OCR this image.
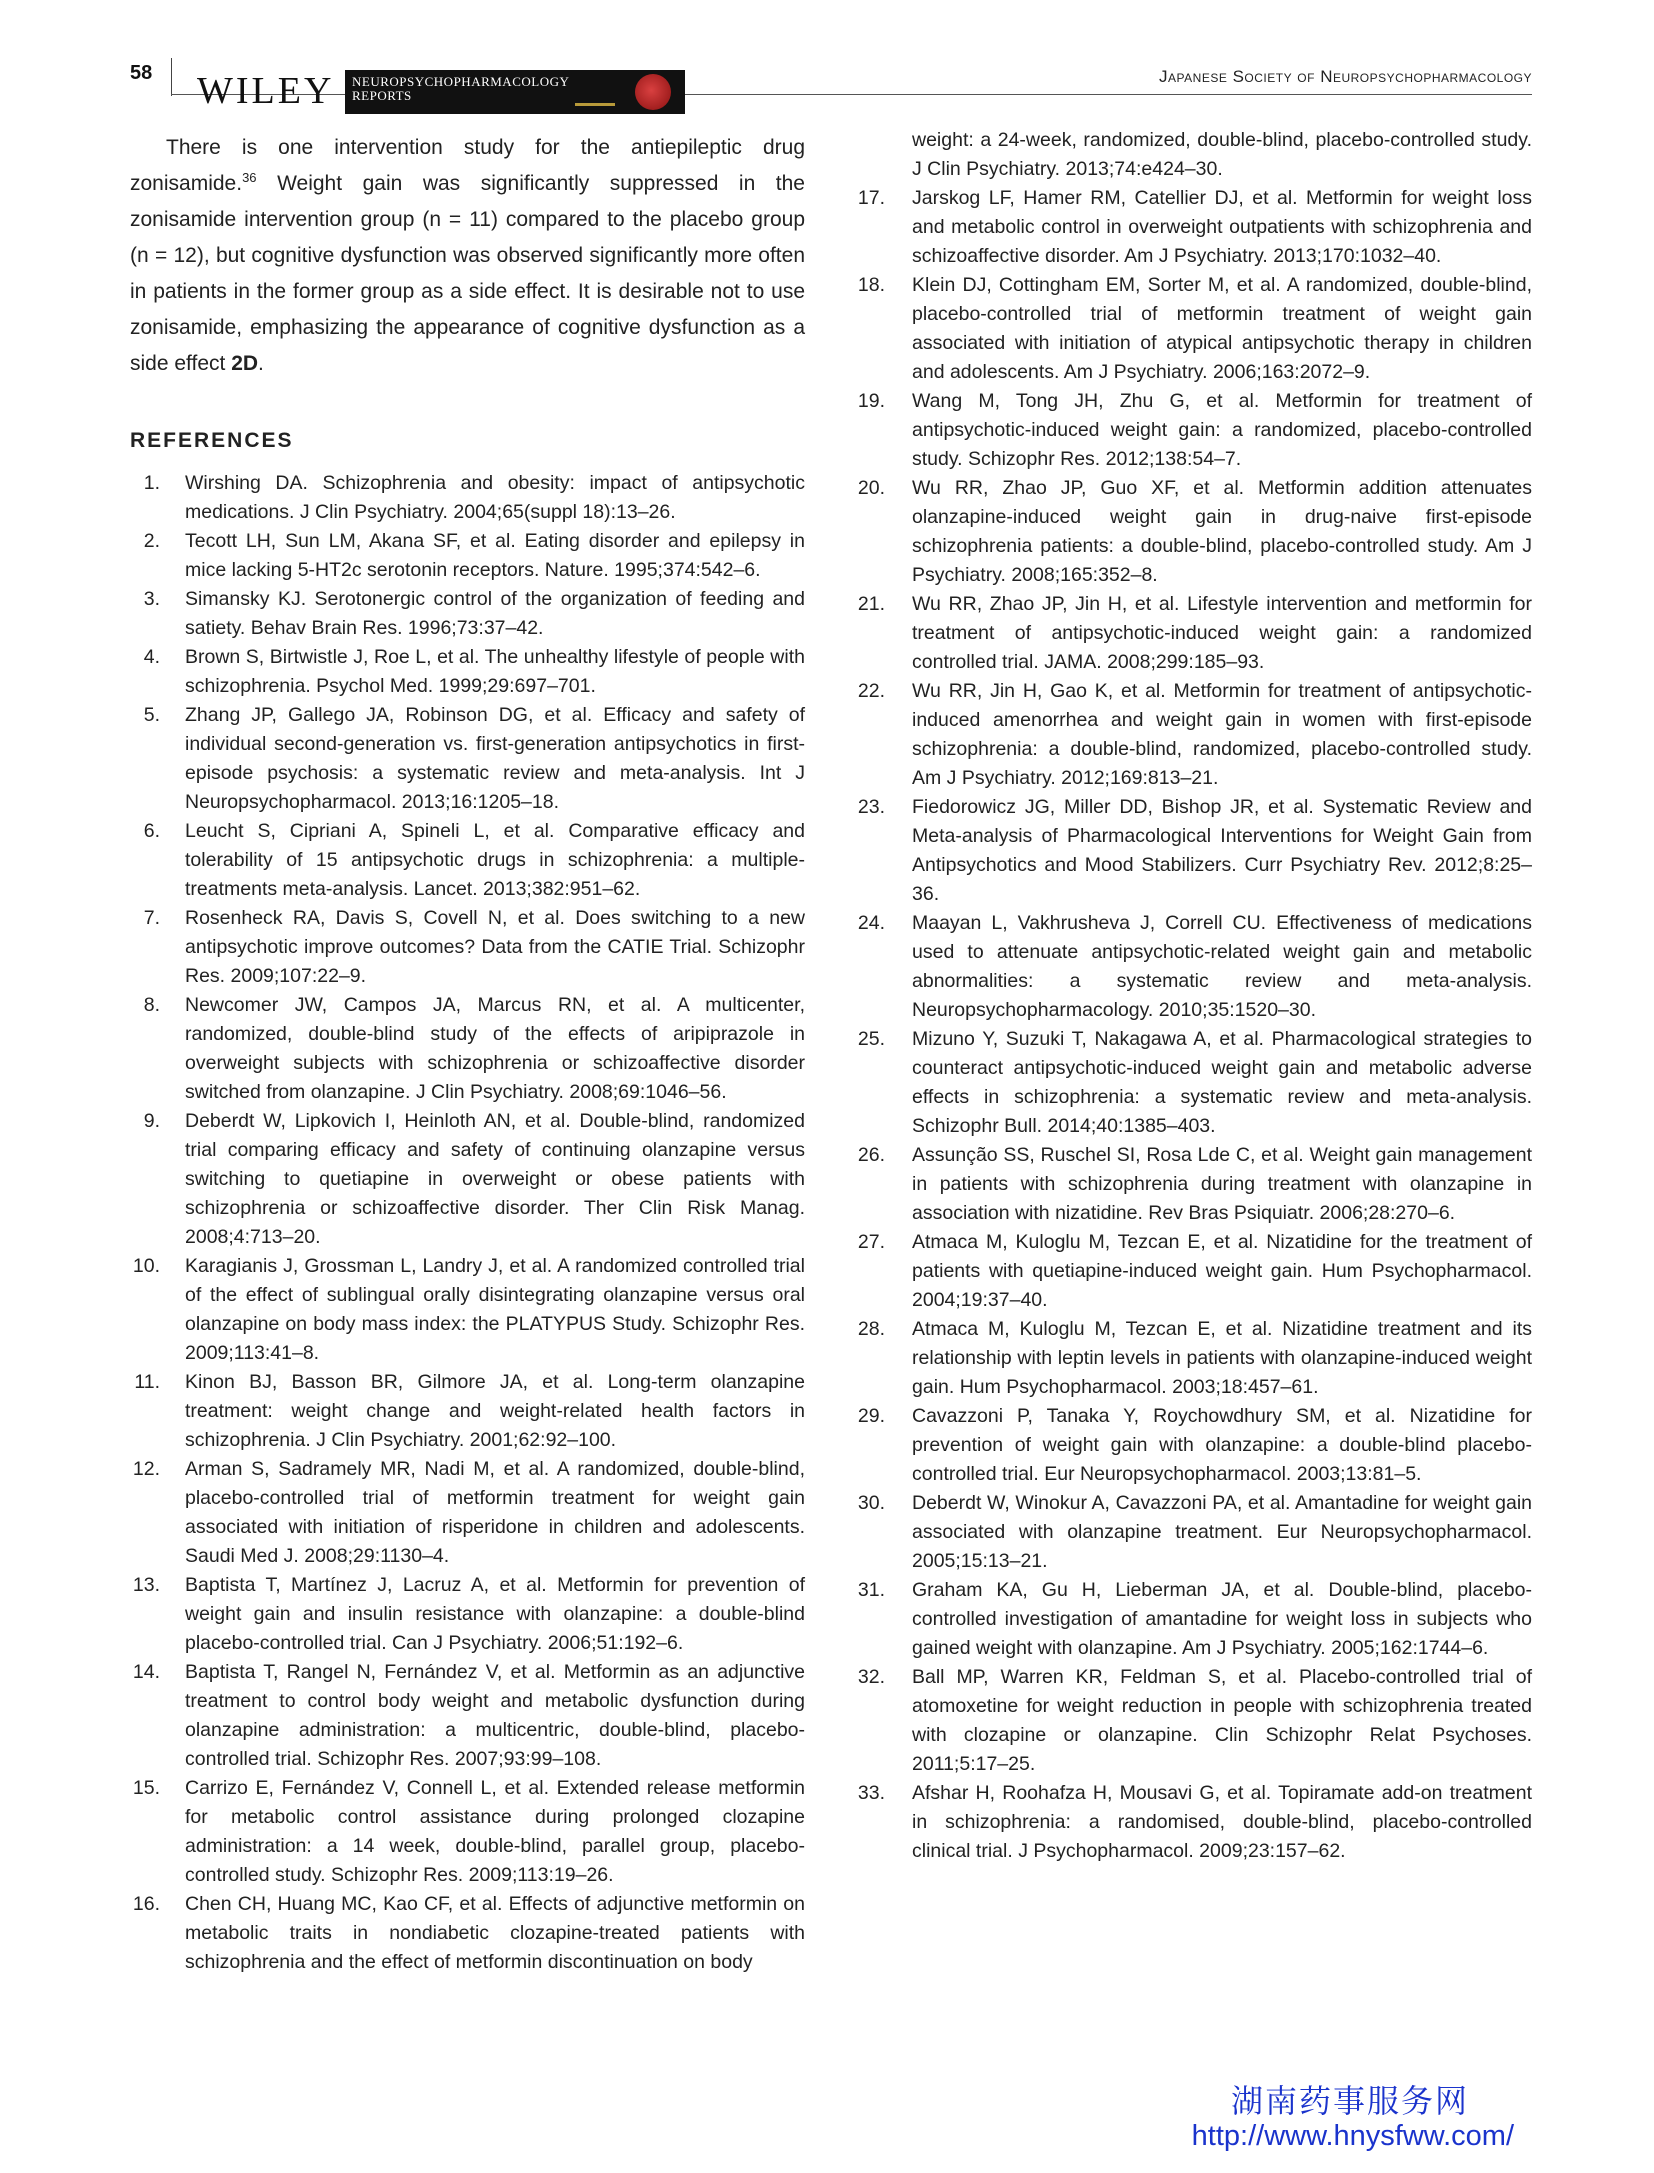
58 WILEY NEUROPSYCHOPHARMACOLOGY
REPORTS
Japanese Society of Neuropsychopharmacology

There is one intervention study for the antiepileptic drug zonisamide.$^{36}$ Weight gain was significantly suppressed in the zonisamide intervention group (n = 11) compared to the placebo group (n = 12), but cognitive dysfunction was observed significantly more often in patients in the former group as a side effect. It is desirable not to use zonisamide, emphasizing the appearance of cognitive dysfunction as a side effect 2D.

REFERENCES
1. Wirshing DA. Schizophrenia and obesity: impact of antipsychotic medications. J Clin Psychiatry. 2004;65(suppl 18):13–26.
2. Tecott LH, Sun LM, Akana SF, et al. Eating disorder and epilepsy in mice lacking 5-HT2c serotonin receptors. Nature. 1995;374:542–6.
3. Simansky KJ. Serotonergic control of the organization of feeding and satiety. Behav Brain Res. 1996;73:37–42.
4. Brown S, Birtwistle J, Roe L, et al. The unhealthy lifestyle of people with schizophrenia. Psychol Med. 1999;29:697–701.
5. Zhang JP, Gallego JA, Robinson DG, et al. Efficacy and safety of individual second-generation vs. first-generation antipsychotics in first-episode psychosis: a systematic review and meta-analysis. Int J Neuropsychopharmacol. 2013;16:1205–18.
6. Leucht S, Cipriani A, Spineli L, et al. Comparative efficacy and tolerability of 15 antipsychotic drugs in schizophrenia: a multiple-treatments meta-analysis. Lancet. 2013;382:951–62.
7. Rosenheck RA, Davis S, Covell N, et al. Does switching to a new antipsychotic improve outcomes? Data from the CATIE Trial. Schizophr Res. 2009;107:22–9.
8. Newcomer JW, Campos JA, Marcus RN, et al. A multicenter, randomized, double-blind study of the effects of aripiprazole in overweight subjects with schizophrenia or schizoaffective disorder switched from olanzapine. J Clin Psychiatry. 2008;69:1046–56.
9. Deberdt W, Lipkovich I, Heinloth AN, et al. Double-blind, randomized trial comparing efficacy and safety of continuing olanzapine versus switching to quetiapine in overweight or obese patients with schizophrenia or schizoaffective disorder. Ther Clin Risk Manag. 2008;4:713–20.
10. Karagianis J, Grossman L, Landry J, et al. A randomized controlled trial of the effect of sublingual orally disintegrating olanzapine versus oral olanzapine on body mass index: the PLATYPUS Study. Schizophr Res. 2009;113:41–8.
11. Kinon BJ, Basson BR, Gilmore JA, et al. Long-term olanzapine treatment: weight change and weight-related health factors in schizophrenia. J Clin Psychiatry. 2001;62:92–100.
12. Arman S, Sadramely MR, Nadi M, et al. A randomized, double-blind, placebo-controlled trial of metformin treatment for weight gain associated with initiation of risperidone in children and adolescents. Saudi Med J. 2008;29:1130–4.
13. Baptista T, Martínez J, Lacruz A, et al. Metformin for prevention of weight gain and insulin resistance with olanzapine: a double-blind placebo-controlled trial. Can J Psychiatry. 2006;51:192–6.
14. Baptista T, Rangel N, Fernández V, et al. Metformin as an adjunctive treatment to control body weight and metabolic dysfunction during olanzapine administration: a multicentric, double-blind, placebo-controlled trial. Schizophr Res. 2007;93:99–108.
15. Carrizo E, Fernández V, Connell L, et al. Extended release metformin for metabolic control assistance during prolonged clozapine administration: a 14 week, double-blind, parallel group, placebo-controlled study. Schizophr Res. 2009;113:19–26.
16. Chen CH, Huang MC, Kao CF, et al. Effects of adjunctive metformin on metabolic traits in nondiabetic clozapine-treated patients with schizophrenia and the effect of metformin discontinuation on body
weight: a 24-week, randomized, double-blind, placebo-controlled study. J Clin Psychiatry. 2013;74:e424–30.
17. Jarskog LF, Hamer RM, Catellier DJ, et al. Metformin for weight loss and metabolic control in overweight outpatients with schizophrenia and schizoaffective disorder. Am J Psychiatry. 2013;170:1032–40.
18. Klein DJ, Cottingham EM, Sorter M, et al. A randomized, double-blind, placebo-controlled trial of metformin treatment of weight gain associated with initiation of atypical antipsychotic therapy in children and adolescents. Am J Psychiatry. 2006;163:2072–9.
19. Wang M, Tong JH, Zhu G, et al. Metformin for treatment of antipsychotic-induced weight gain: a randomized, placebo-controlled study. Schizophr Res. 2012;138:54–7.
20. Wu RR, Zhao JP, Guo XF, et al. Metformin addition attenuates olanzapine-induced weight gain in drug-naive first-episode schizophrenia patients: a double-blind, placebo-controlled study. Am J Psychiatry. 2008;165:352–8.
21. Wu RR, Zhao JP, Jin H, et al. Lifestyle intervention and metformin for treatment of antipsychotic-induced weight gain: a randomized controlled trial. JAMA. 2008;299:185–93.
22. Wu RR, Jin H, Gao K, et al. Metformin for treatment of antipsychotic-induced amenorrhea and weight gain in women with first-episode schizophrenia: a double-blind, randomized, placebo-controlled study. Am J Psychiatry. 2012;169:813–21.
23. Fiedorowicz JG, Miller DD, Bishop JR, et al. Systematic Review and Meta-analysis of Pharmacological Interventions for Weight Gain from Antipsychotics and Mood Stabilizers. Curr Psychiatry Rev. 2012;8:25–36.
24. Maayan L, Vakhrusheva J, Correll CU. Effectiveness of medications used to attenuate antipsychotic-related weight gain and metabolic abnormalities: a systematic review and meta-analysis. Neuropsychopharmacology. 2010;35:1520–30.
25. Mizuno Y, Suzuki T, Nakagawa A, et al. Pharmacological strategies to counteract antipsychotic-induced weight gain and metabolic adverse effects in schizophrenia: a systematic review and meta-analysis. Schizophr Bull. 2014;40:1385–403.
26. Assunção SS, Ruschel SI, Rosa Lde C, et al. Weight gain management in patients with schizophrenia during treatment with olanzapine in association with nizatidine. Rev Bras Psiquiatr. 2006;28:270–6.
27. Atmaca M, Kuloglu M, Tezcan E, et al. Nizatidine for the treatment of patients with quetiapine-induced weight gain. Hum Psychopharmacol. 2004;19:37–40.
28. Atmaca M, Kuloglu M, Tezcan E, et al. Nizatidine treatment and its relationship with leptin levels in patients with olanzapine-induced weight gain. Hum Psychopharmacol. 2003;18:457–61.
29. Cavazzoni P, Tanaka Y, Roychowdhury SM, et al. Nizatidine for prevention of weight gain with olanzapine: a double-blind placebo-controlled trial. Eur Neuropsychopharmacol. 2003;13:81–5.
30. Deberdt W, Winokur A, Cavazzoni PA, et al. Amantadine for weight gain associated with olanzapine treatment. Eur Neuropsychopharmacol. 2005;15:13–21.
31. Graham KA, Gu H, Lieberman JA, et al. Double-blind, placebo-controlled investigation of amantadine for weight loss in subjects who gained weight with olanzapine. Am J Psychiatry. 2005;162:1744–6.
32. Ball MP, Warren KR, Feldman S, et al. Placebo-controlled trial of atomoxetine for weight reduction in people with schizophrenia treated with clozapine or olanzapine. Clin Schizophr Relat Psychoses. 2011;5:17–25.
33. Afshar H, Roohafza H, Mousavi G, et al. Topiramate add-on treatment in schizophrenia: a randomised, double-blind, placebo-controlled clinical trial. J Psychopharmacol. 2009;23:157–62.
湖南药事服务网
http://www.hnysfww.com/
